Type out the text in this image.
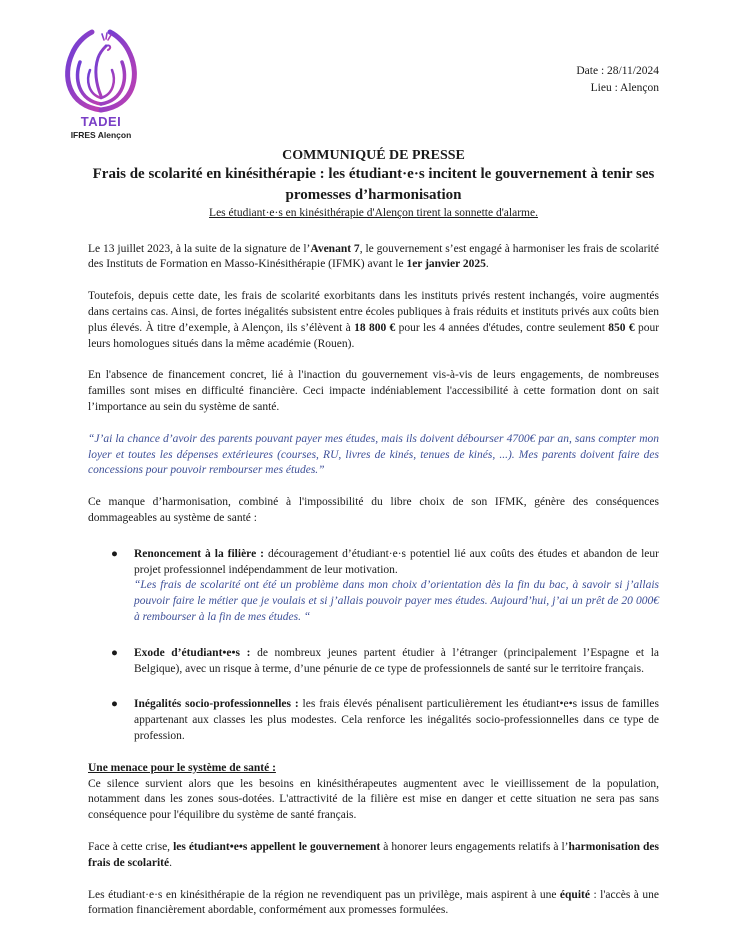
TADEI
IFRES Alençon
Date : 28/11/2024
Lieu : Alençon

COMMUNIQUÉ DE PRESSE

Frais de scolarité en kinésithérapie : les étudiant·e·s incitent le gouvernement à tenir ses promesses d’harmonisation

Les étudiant·e·s en kinésithérapie d'Alençon tirent la sonnette d'alarme.

Le 13 juillet 2023, à la suite de la signature de l’Avenant 7, le gouvernement s’est engagé à harmoniser les frais de scolarité des Instituts de Formation en Masso-Kinésithérapie (IFMK) avant le 1er janvier 2025.

Toutefois, depuis cette date, les frais de scolarité exorbitants dans les instituts privés restent inchangés, voire augmentés dans certains cas. Ainsi, de fortes inégalités subsistent entre écoles publiques à frais réduits et instituts privés aux coûts bien plus élevés. À titre d’exemple, à Alençon, ils s’élèvent à 18 800 € pour les 4 années d'études, contre seulement 850 € pour leurs homologues situés dans la même académie (Rouen).

En l'absence de financement concret, lié à l'inaction du gouvernement vis-à-vis de leurs engagements, de nombreuses familles sont mises en difficulté financière. Ceci impacte indéniablement l'accessibilité à cette formation dont on sait l’importance au sein du système de santé.

“J’ai la chance d’avoir des parents pouvant payer mes études, mais ils doivent débourser 4700€ par an, sans compter mon loyer et toutes les dépenses extérieures (courses, RU, livres de kinés, tenues de kinés, ...). Mes parents doivent faire des concessions pour pouvoir rembourser mes études.”

Ce manque d’harmonisation, combiné à l'impossibilité du libre choix de son IFMK, génère des conséquences dommageables au système de santé :

● Renoncement à la filière : découragement d’étudiant·e·s potentiel lié aux coûts des études et abandon de leur projet professionnel indépendamment de leur motivation.
“Les frais de scolarité ont été un problème dans mon choix d’orientation dès la fin du bac, à savoir si j’allais pouvoir faire le métier que je voulais et si j’allais pouvoir payer mes études. Aujourd’hui, j’ai un prêt de 20 000€ à rembourser à la fin de mes études. “
● Exode d’étudiant•e•s : de nombreux jeunes partent étudier à l’étranger (principalement l’Espagne et la Belgique), avec un risque à terme, d’une pénurie de ce type de professionnels de santé sur le territoire français.
● Inégalités socio-professionnelles : les frais élevés pénalisent particulièrement les étudiant•e•s issus de familles appartenant aux classes les plus modestes. Cela renforce les inégalités socio-professionnelles dans ce type de profession.

Une menace pour le système de santé :

Ce silence survient alors que les besoins en kinésithérapeutes augmentent avec le vieillissement de la population, notamment dans les zones sous-dotées. L'attractivité de la filière est mise en danger et cette situation ne sera pas sans conséquence pour l'équilibre du système de santé français.

Face à cette crise, les étudiant•e•s appellent le gouvernement à honorer leurs engagements relatifs à l’harmonisation des frais de scolarité.

Les étudiant·e·s en kinésithérapie de la région ne revendiquent pas un privilège, mais aspirent à une équité : l'accès à une formation financièrement abordable, conformément aux promesses formulées.
